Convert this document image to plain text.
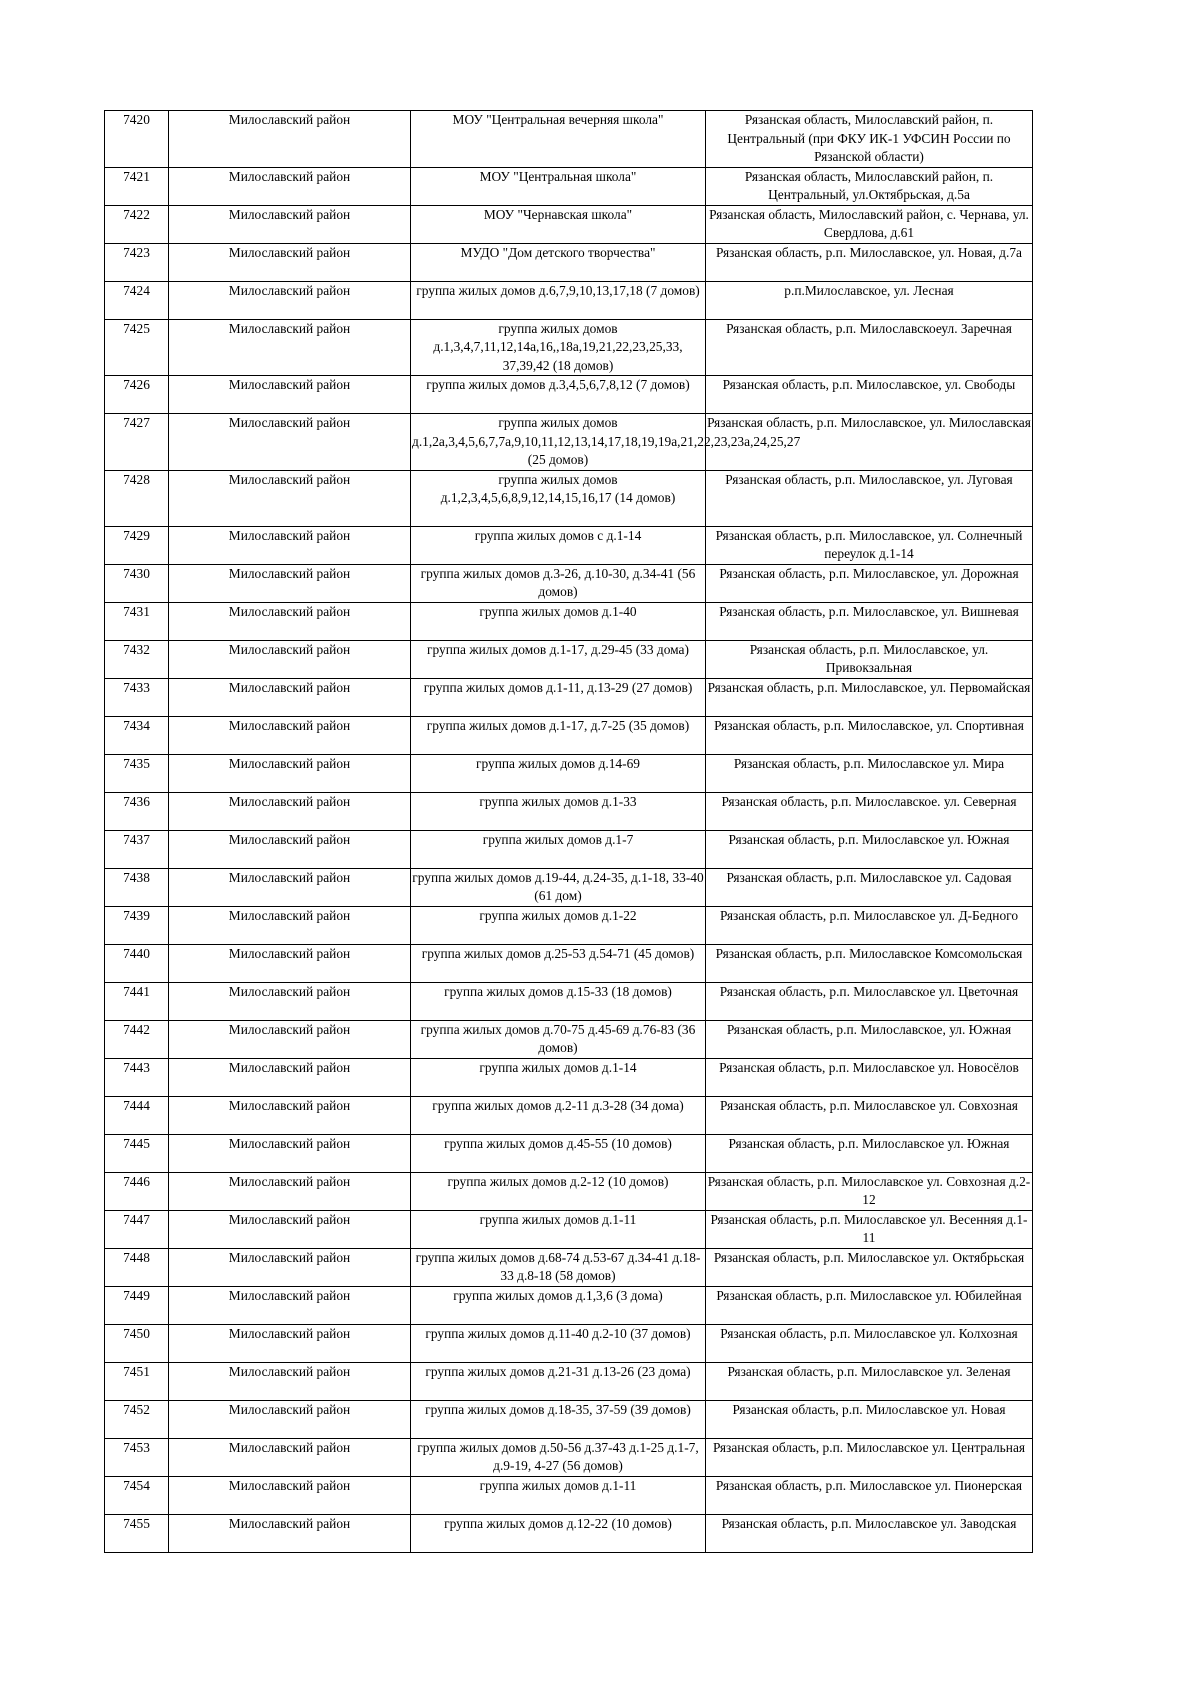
7420	Милославский район	МОУ "Центральная вечерняя школа"	Рязанская область, Милославский район, п. Центральный (при ФКУ ИК-1 УФСИН России по Рязанской области)
7421	Милославский район	МОУ "Центральная школа"	Рязанская область, Милославский район, п. Центральный, ул.Октябрьская, д.5а
7422	Милославский район	МОУ "Чернавская школа"	Рязанская область, Милославский район, с. Чернава, ул. Свердлова, д.61
7423	Милославский район	МУДО "Дом детского творчества"	Рязанская область, р.п. Милославское, ул. Новая, д.7а
7424	Милославский район	группа жилых домов д.6,7,9,10,13,17,18 (7 домов)	р.п.Милославское, ул. Лесная
7425	Милославский район	группа жилых домов д.1,3,4,7,11,12,14а,16,,18а,19,21,22,23,25,33, 37,39,42 (18 домов)	Рязанская область, р.п. Милославскоеул. Заречная
7426	Милославский район	группа жилых домов д.3,4,5,6,7,8,12 (7 домов)	Рязанская область, р.п. Милославское, ул. Свободы
7427	Милославский район	группа жилых домов д.1,2а,3,4,5,6,7,7а,9,10,11,12,13,14,17,18,19,19а,21,22,23,23а,24,25,27 (25 домов)	Рязанская область, р.п. Милославское, ул. Милославская
7428	Милославский район	группа жилых домов д.1,2,3,4,5,6,8,9,12,14,15,16,17 (14 домов)	Рязанская область, р.п. Милославское, ул. Луговая
7429	Милославский район	группа жилых домов с д.1-14	Рязанская область, р.п. Милославское, ул. Солнечный переулок д.1-14
7430	Милославский район	группа жилых домов д.3-26, д.10-30, д.34-41 (56 домов)	Рязанская область, р.п. Милославское, ул. Дорожная
7431	Милославский район	группа жилых домов д.1-40	Рязанская область, р.п. Милославское, ул. Вишневая
7432	Милославский район	группа жилых домов д.1-17, д.29-45 (33 дома)	Рязанская область, р.п. Милославское, ул. Привокзальная
7433	Милославский район	группа жилых домов д.1-11, д.13-29 (27 домов)	Рязанская область, р.п. Милославское, ул. Первомайская
7434	Милославский район	группа жилых домов д.1-17, д.7-25 (35 домов)	Рязанская область, р.п. Милославское, ул. Спортивная
7435	Милославский район	группа жилых домов д.14-69	Рязанская область, р.п. Милославское ул. Мира
7436	Милославский район	группа жилых домов д.1-33	Рязанская область, р.п. Милославское. ул. Северная
7437	Милославский район	группа жилых домов д.1-7	Рязанская область, р.п. Милославское ул. Южная
7438	Милославский район	группа жилых домов д.19-44, д.24-35, д.1-18, 33-40 (61 дом)	Рязанская область, р.п. Милославское ул. Садовая
7439	Милославский район	группа жилых домов д.1-22	Рязанская область, р.п. Милославское ул. Д-Бедного
7440	Милославский район	группа жилых домов д.25-53 д.54-71 (45 домов)	Рязанская область, р.п. Милославское Комсомольская
7441	Милославский район	группа жилых домов д.15-33 (18 домов)	Рязанская область, р.п. Милославское ул. Цветочная
7442	Милославский район	группа жилых домов д.70-75 д.45-69 д.76-83 (36 домов)	Рязанская область, р.п. Милославское, ул. Южная
7443	Милославский район	группа жилых домов д.1-14	Рязанская область, р.п. Милославское ул. Новосёлов
7444	Милославский район	группа жилых домов д.2-11 д.3-28 (34 дома)	Рязанская область, р.п. Милославское ул. Совхозная
7445	Милославский район	группа жилых домов д.45-55 (10 домов)	Рязанская область, р.п. Милославское ул. Южная
7446	Милославский район	группа жилых домов д.2-12 (10 домов)	Рязанская область, р.п. Милославское ул. Совхозная д.2-12
7447	Милославский район	группа жилых домов д.1-11	Рязанская область, р.п. Милославское ул. Весенняя д.1-11
7448	Милославский район	группа жилых домов д.68-74 д.53-67 д.34-41 д.18-33 д.8-18 (58 домов)	Рязанская область, р.п. Милославское ул. Октябрьская
7449	Милославский район	группа жилых домов д.1,3,6 (3 дома)	Рязанская область, р.п. Милославское ул. Юбилейная
7450	Милославский район	группа жилых домов д.11-40 д.2-10 (37 домов)	Рязанская область, р.п. Милославское ул. Колхозная
7451	Милославский район	группа жилых домов д.21-31 д.13-26 (23 дома)	Рязанская область, р.п. Милославское ул. Зеленая
7452	Милославский район	группа жилых домов д.18-35, 37-59 (39 домов)	Рязанская область, р.п. Милославское ул. Новая
7453	Милославский район	группа жилых домов д.50-56 д.37-43 д.1-25 д.1-7, д.9-19, 4-27 (56 домов)	Рязанская область, р.п. Милославское ул. Центральная
7454	Милославский район	группа жилых домов д.1-11	Рязанская область, р.п. Милославское ул. Пионерская
7455	Милославский район	группа жилых домов д.12-22 (10 домов)	Рязанская область, р.п. Милославское ул. Заводская
